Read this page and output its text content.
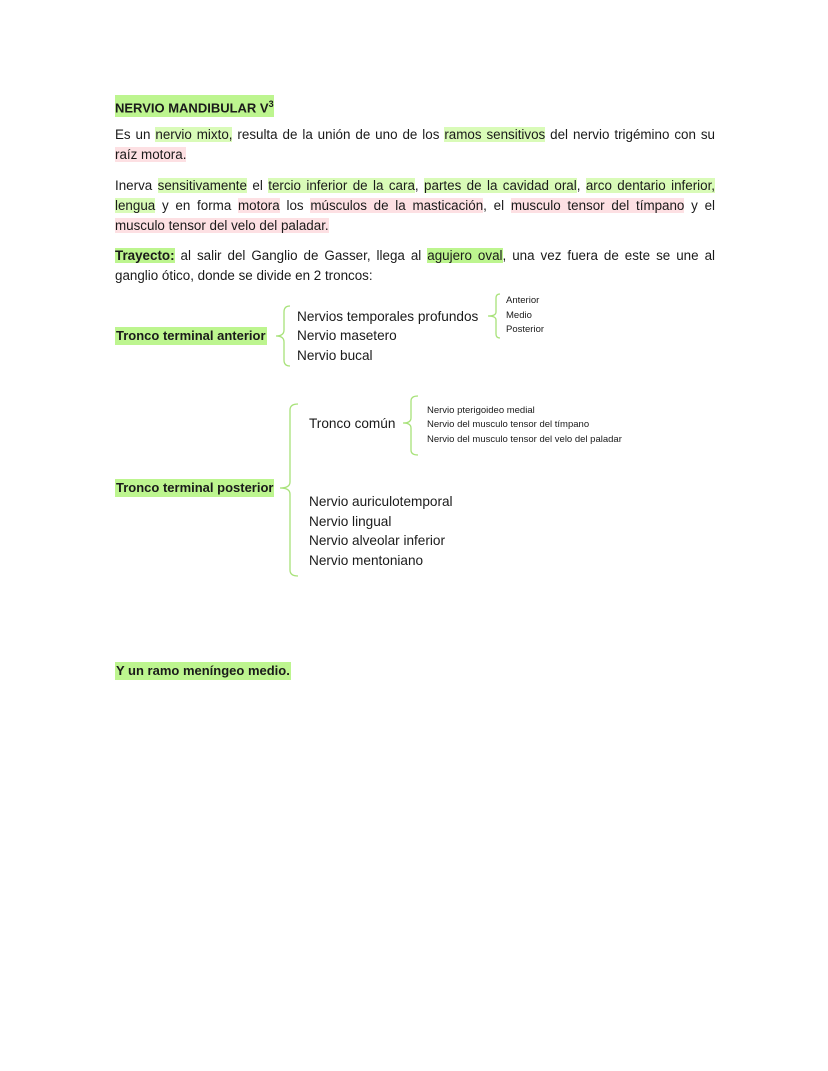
NERVIO MANDIBULAR $V^3$

Es un nervio mixto, resulta de la unión de uno de los ramos sensitivos del nervio trigémino con su raíz motora.

Inerva sensitivamente el tercio inferior de la cara, partes de la cavidad oral, arco dentario inferior, lengua y en forma motora los músculos de la masticación, el musculo tensor del tímpano y el musculo tensor del velo del paladar.

Trayecto: al salir del Ganglio de Gasser, llega al agujero oval, una vez fuera de este se une al ganglio ótico, donde se divide en 2 troncos:

Tronco terminal anterior
Nervios temporales profundos
Nervio masetero
Nervio bucal
Anterior
Medio
Posterior
Tronco terminal posterior
Tronco común
Nervio pterigoideo medial
Nervio del musculo tensor del tímpano
Nervio del musculo tensor del velo del paladar
Nervio auriculotemporal
Nervio lingual
Nervio alveolar inferior
Nervio mentoniano
Y un ramo meníngeo medio.
